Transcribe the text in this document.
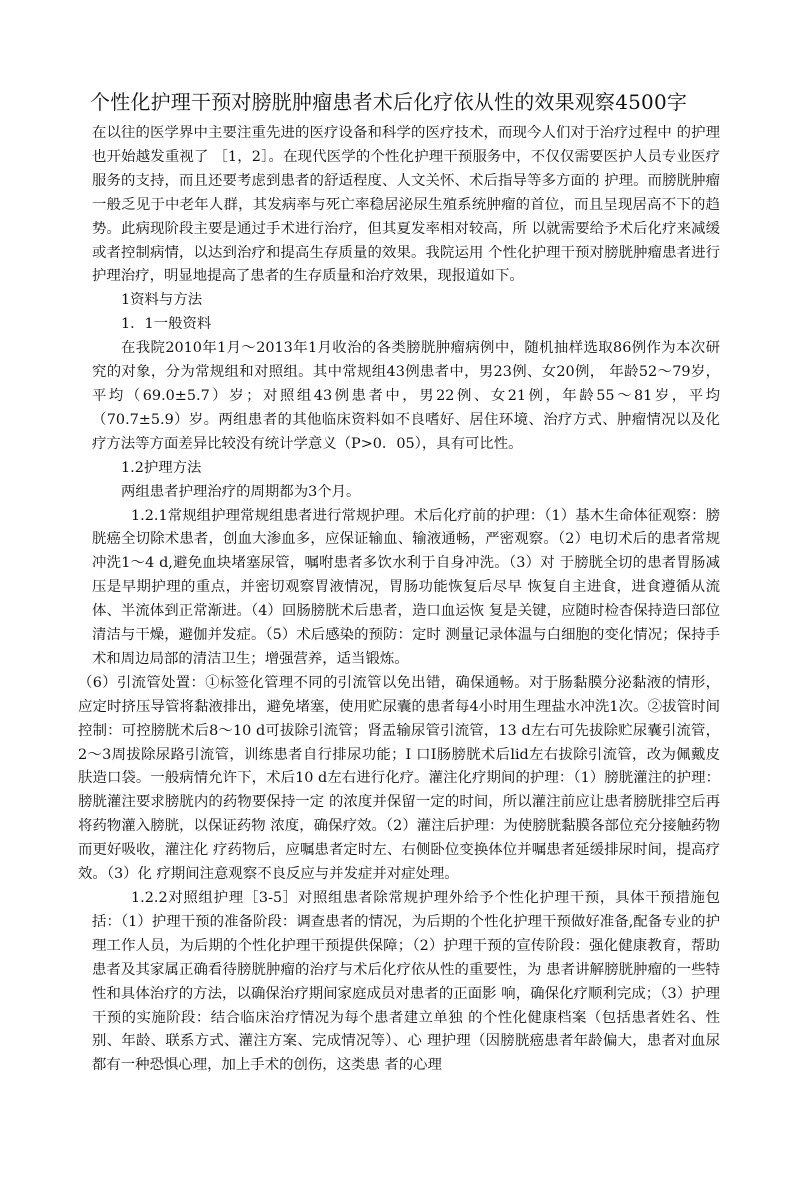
个性化护理干预对膀胱肿瘤患者术后化疗依从性的效果观察4500字

在以往的医学界中主要注重先进的医疗设备和科学的医疗技术，而现今人们对于治疗过程中 的护理也开始越发重视了 ［1，2］。在现代医学的个性化护理干预服务中，不仅仅需要医护人员专业医疗服务的支持，而且还要考虑到患者的舒适程度、人文关怀、术后指导等多方面的 护理。而膀胱肿瘤一般乏见于中老年人群，其发病率与死亡率稳居泌尿生殖系统肿瘤的首位，而且呈现居高不下的趋势。此病现阶段主要是通过手术进行治疗，但其夏发率相对较高，所 以就需要给予术后化疗来减缓或者控制病情，以达到治疗和提高生存质量的效果。我院运用 个性化护理干预对膀胱肿瘤患者进行护理治疗，明显地提高了患者的生存质量和治疗效果，现报道如下。

1资料与方法

1．1一般资料

在我院2010年1月〜2013年1月收治的各类膀胱肿瘤病例中，随机抽样选取86例作为本次研究的对象，分为常规组和对照组。其中常规组43例患者中，男23例、女20例， 年龄52〜79岁，平均（69.0±5.7）岁；对照组43例患者中，男22例、女21例，年龄55〜81岁，平均（70.7±5.9）岁。两组患者的其他临床资料如不良嗜好、居住环境、治疗方式、肿瘤情况以及化疗方法等方面差异比较没有统计学意义（P>0．05），具有可比性。

1.2护理方法

两组患者护理治疗的周期都为3个月。

1.2.1常规组护理常规组患者进行常规护理。术后化疗前的护理：（1）基木生命体征观察：膀胱癌全切除术患者，创血大渗血多，应保证输血、输液通畅，严密观察。（2）电切术后的患者常规冲洗1〜4 d,避免血块堵塞尿管，嘱咐患者多饮水利于自身冲洗。（3）对 于膀胱全切的患者胃肠减压是早期护理的重点，并密切观察胃液情况，胃肠功能恢复后尽早 恢复自主进食，进食遵循从流体、半流体到正常渐进。（4）回肠膀胱术后患者，造口血运恢 复是关键，应随时检杳保持造曰部位清洁与干燥，避伽并发症。（5）术后感染的预防：定时 测量记录体温与白细胞的变化情况；保持手术和周边局部的清洁卫生；增强营养，适当锻炼。

（6）引流管处置：①标签化管理不同的引流管以免出错，确保通畅。对于肠黏膜分泌黏液的情形，应定时挤压导管将黏液排出，避免堵塞，使用贮尿囊的患者每4小时用生理盐水冲洗1次。②拔管时间控制：可控膀胱术后8〜10 d可拔除引流管；肾盂输尿管引流管，13 d左右可先拔除贮尿囊引流管，2〜3周拔除尿路引流管，训练患者自行排尿功能；I 口I肠膀胱术后lid左右拔除引流管，改为佩戴皮肤造口袋。一般病情允许下，术后10 d左右进行化疗。灌注化疗期间的护理：（1）膀胱灌注的护理：膀胱灌注要求膀胱内的药物要保持一定 的浓度并保留一定的时间，所以灌注前应让患者膀胱排空后再将药物灌入膀胱，以保证药物 浓度，确保疗效。（2）灌注后护理：为使膀胱黏膜各部位充分接触药物而更好吸收，灌注化 疗药物后，应嘱患者定时左、右侧卧位变换体位并嘱患者延缓排尿时间，提高疗效。（3）化 疗期间注意观察不良反应与并发症并对症处理。

1.2.2对照组护理［3-5］对照组患者除常规护理外给予个性化护理干预，具体干预措施包括：（1）护理干预的准备阶段：调查患者的情况，为后期的个性化护理干预做好准备,配备专业的护理工作人员，为后期的个性化护理干预提供保障；（2）护理干预的宣传阶段：强化健康教育，帮助患者及其家属正确看待膀胱肿瘤的治疗与术后化疗依从性的重要性，为 患者讲解膀胱肿瘤的一些特性和具体治疗的方法，以确保治疗期间家庭成员对患者的正面影 响，确保化疗顺利完成；（3）护理干预的实施阶段：结合临床治疗情况为每个患者建立单独 的个性化健康档案（包括患者姓名、性别、年龄、联系方式、灌注方案、完成情况等）、心 理护理（因膀胱癌患者年龄偏大，患者对血尿都有一种恐惧心理，加上手术的创伤，这类患 者的心理
